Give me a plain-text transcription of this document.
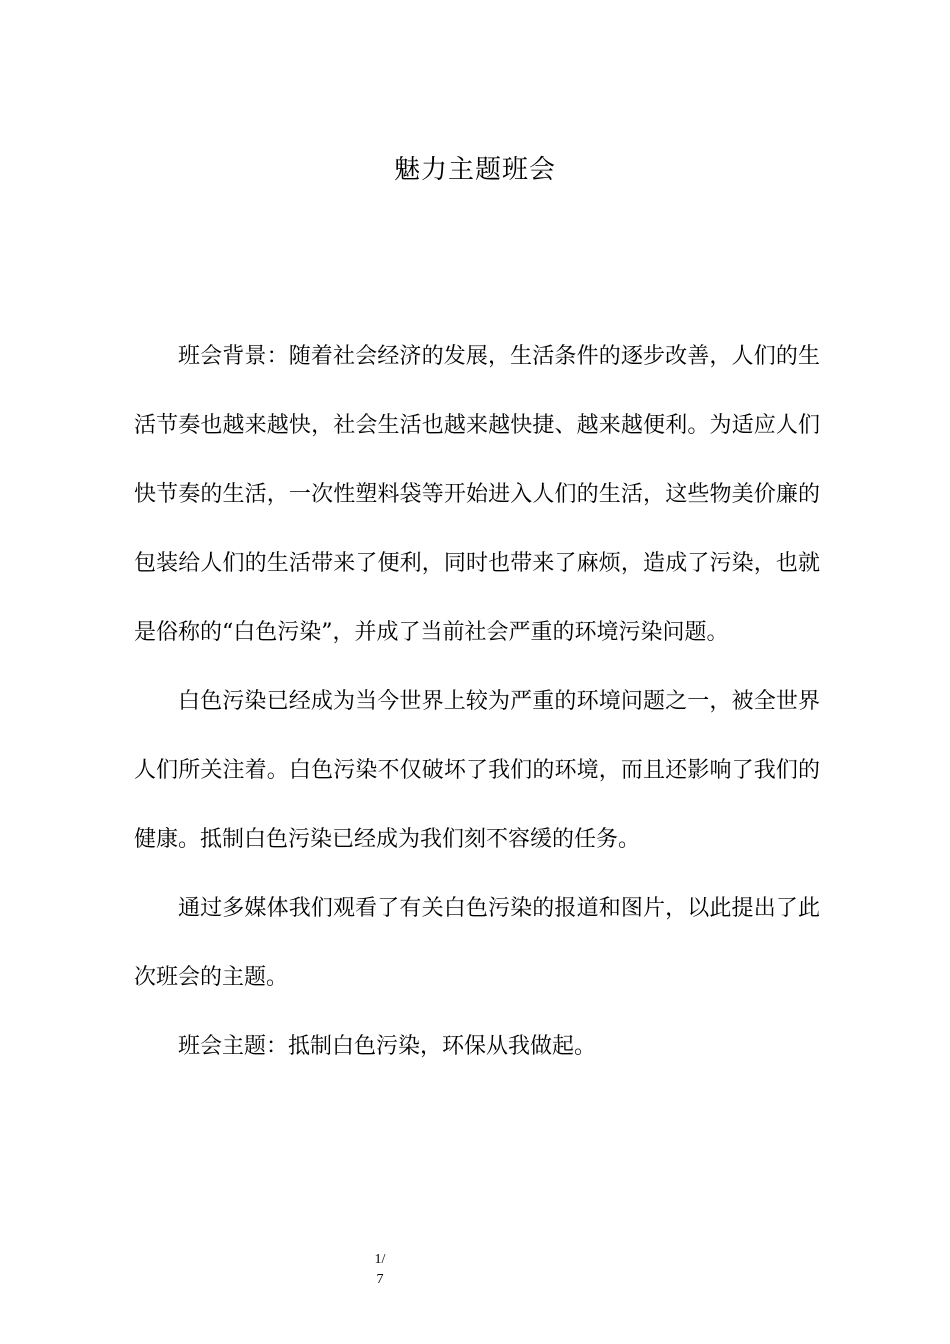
魅力主题班会

班会背景：随着社会经济的发展，生活条件的逐步改善，人们的生活节奏也越来越快，社会生活也越来越快捷、越来越便利。为适应人们快节奏的生活，一次性塑料袋等开始进入人们的生活，这些物美价廉的包装给人们的生活带来了便利，同时也带来了麻烦，造成了污染，也就是俗称的“白色污染”，并成了当前社会严重的环境污染问题。

白色污染已经成为当今世界上较为严重的环境问题之一，被全世界人们所关注着。白色污染不仅破坏了我们的环境，而且还影响了我们的健康。抵制白色污染已经成为我们刻不容缓的任务。

通过多媒体我们观看了有关白色污染的报道和图片，以此提出了此次班会的主题。

班会主题：抵制白色污染，环保从我做起。

1/
7
